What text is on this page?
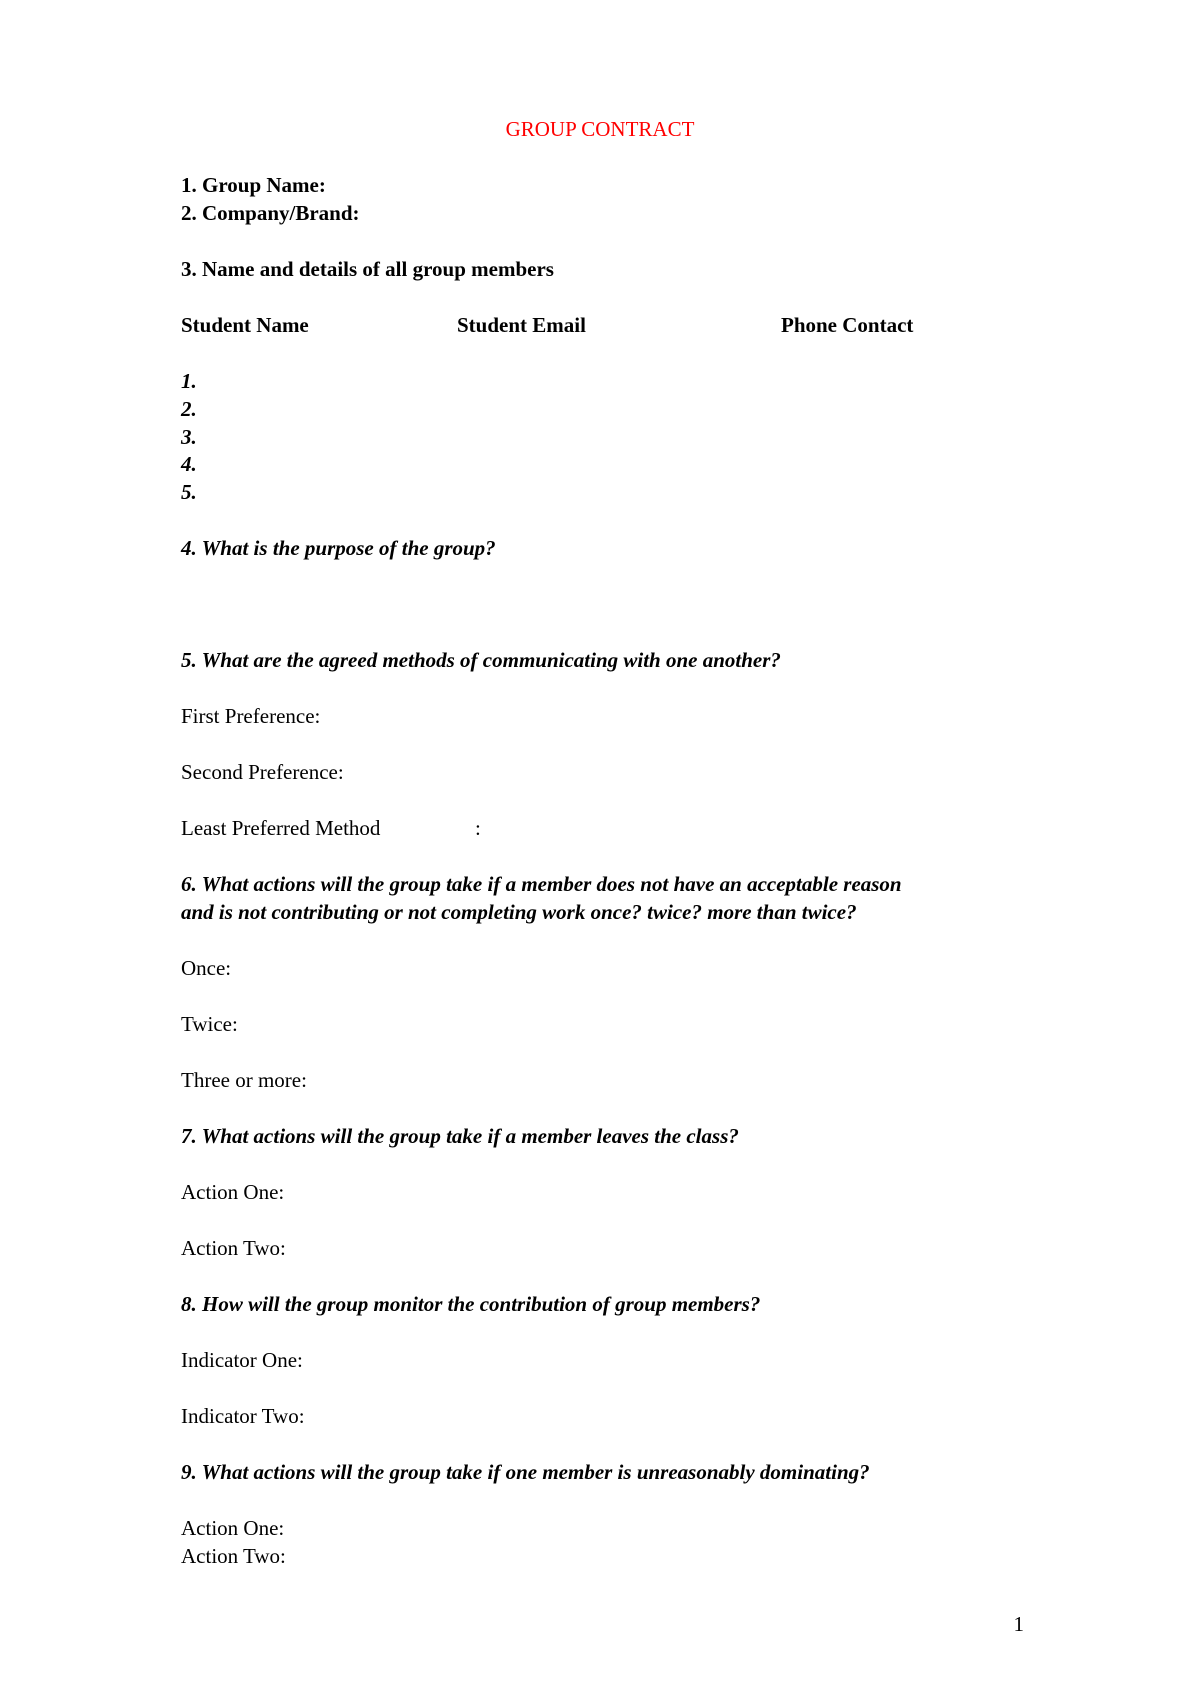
GROUP CONTRACT
1. Group Name:
2. Company/Brand:
3. Name and details of all group members
Student Name	Student Email	Phone Contact
1.
2.
3.
4.
5.
4. What is the purpose of the group?
5. What are the agreed methods of communicating with one another?
First Preference:
Second Preference:
Least Preferred Method	:
6. What actions will the group take if a member does not have an acceptable reason
and is not contributing or not completing work once? twice? more than twice?
Once:
Twice:
Three or more:
7. What actions will the group take if a member leaves the class?
Action One:
Action Two:
8. How will the group monitor the contribution of group members?
Indicator One:
Indicator Two:
9. What actions will the group take if one member is unreasonably dominating?
Action One:
Action Two:
1
